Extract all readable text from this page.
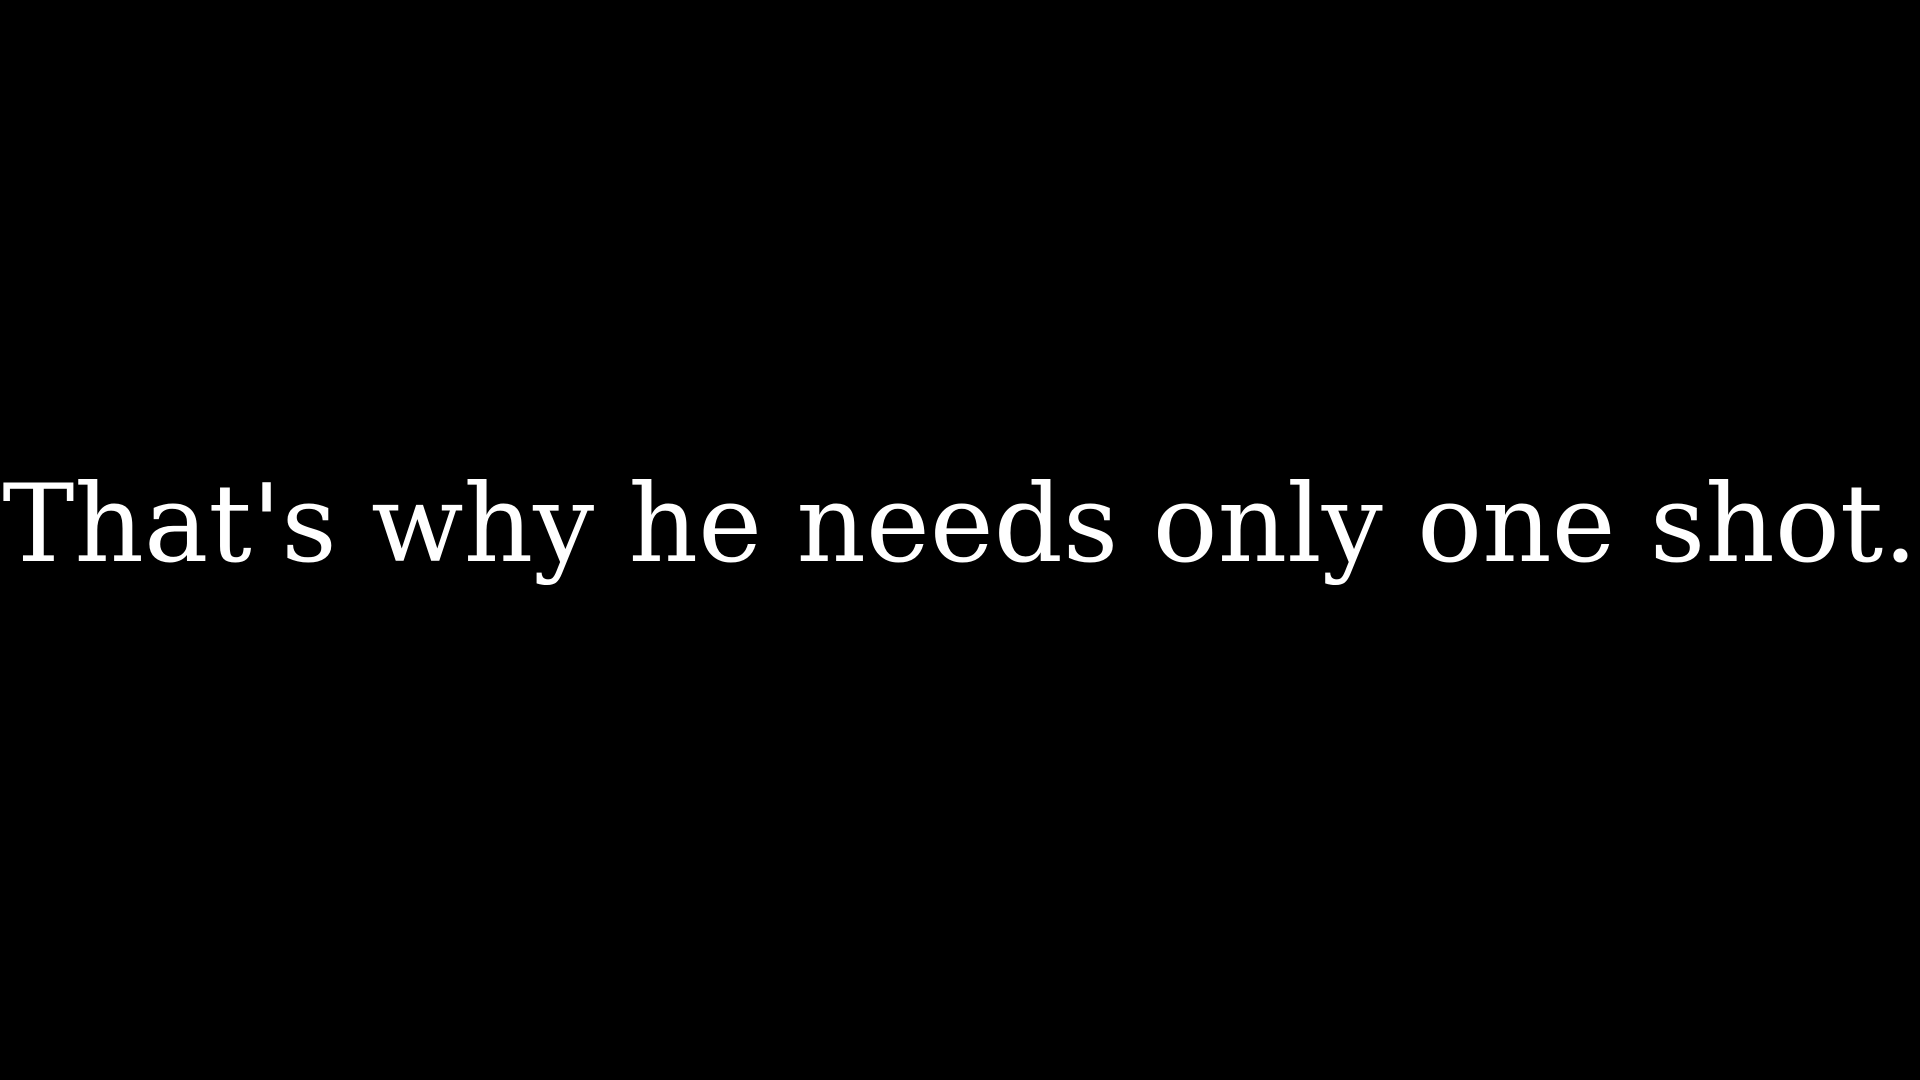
That's why he needs only one shot.
